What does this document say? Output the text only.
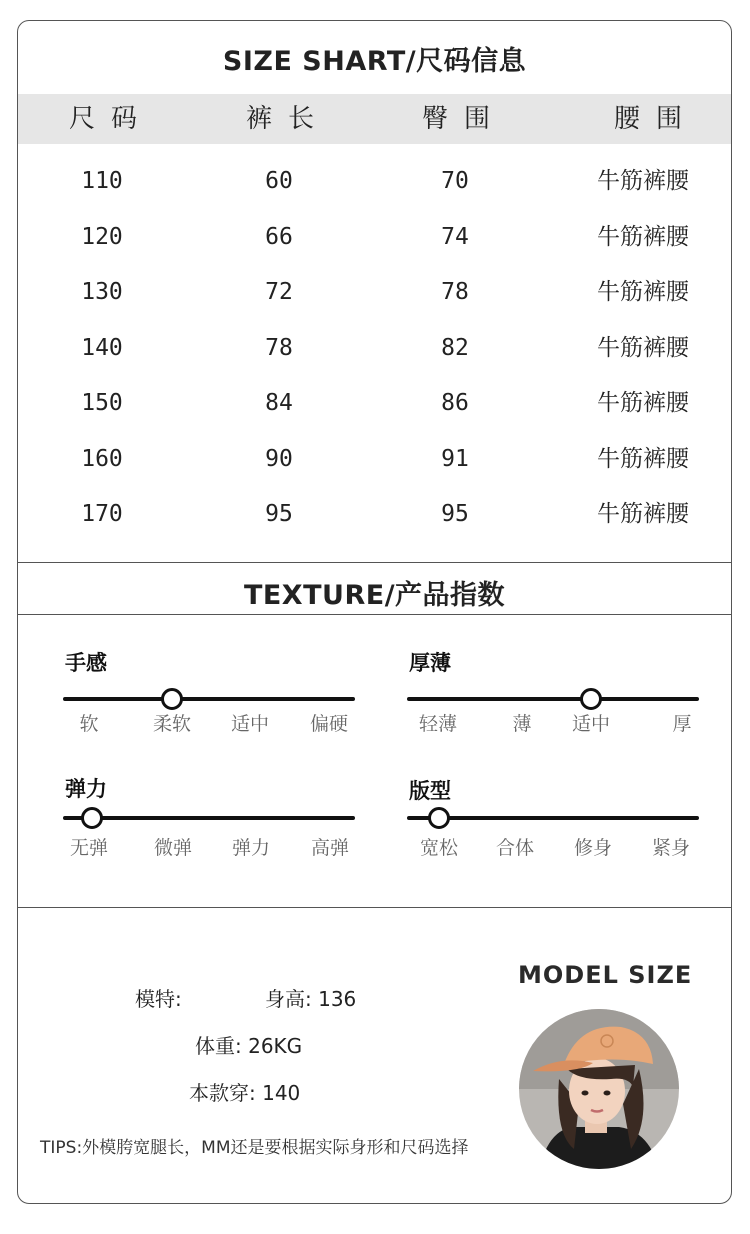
SIZE SHART/尺码信息
尺码	裤长	臀围	腰围
110	60	70	牛筋裤腰
120	66	74	牛筋裤腰
130	72	78	牛筋裤腰
140	78	82	牛筋裤腰
150	84	86	牛筋裤腰
160	90	91	牛筋裤腰
170	95	95	牛筋裤腰
TEXTURE/产品指数
手感
软	柔软 适中 偏硬
厚薄
轻薄	薄 适中	厚
弹力
无弹 微弹 弹力 高弹
版型
宽松 合体 修身 紧身
MODEL SIZE
模特:	身高: 136
体重: 26KG
本款穿: 140
TIPS:外模胯宽腿长，MM还是要根据实际身形和尺码选择
